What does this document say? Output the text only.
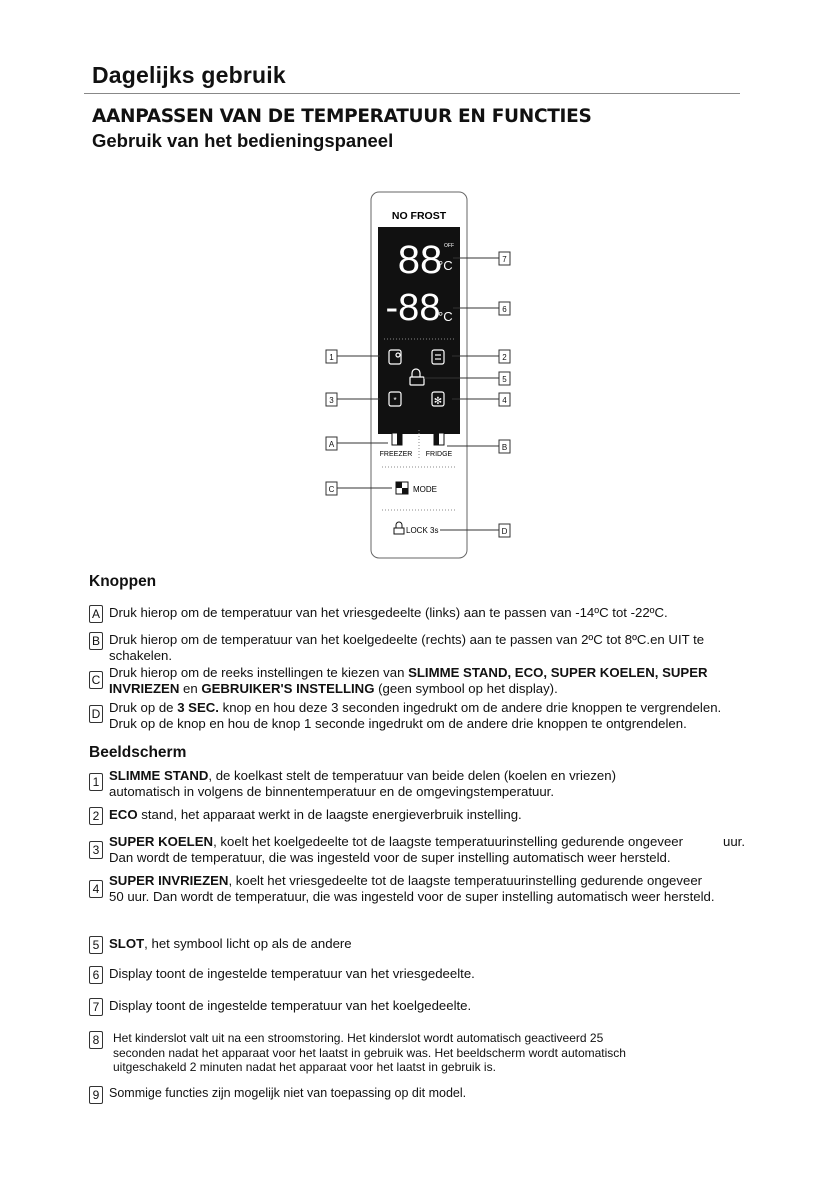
Dagelijks gebruik
AANPASSEN VAN DE TEMPERATUUR EN FUNCTIES
Gebruik van het bedieningspaneel
NO FROST
88 OFF
°C
-88
°C
*	✻
FREEZER FRIDGE
MODE
LOCK 3s
7
6
1	2
5
3	4
A	B
C
D
Knoppen
A Druk hierop om de temperatuur van het vriesgedeelte (links) aan te passen van -14ºC tot -22ºC.
B Druk hierop om de temperatuur van het koelgedeelte (rechts) aan te passen van 2ºC tot 8ºC.en UIT te
schakelen.
C Druk hierop om de reeks instellingen te kiezen van SLIMME STAND, ECO, SUPER KOELEN, SUPER INVRIEZEN en GEBRUIKER'S INSTELLING (geen symbool op het display).
D Druk op de 3 SEC. knop en hou deze 3 seconden ingedrukt om de andere drie knoppen te vergrendelen.
Druk op de knop en hou de knop 1 seconde ingedrukt om de andere drie knoppen te ontgrendelen.
Beeldscherm
1 SLIMME STAND, de koelkast stelt de temperatuur van beide delen (koelen en vriezen)
automatisch in volgens de binnentemperatuur en de omgevingstemperatuur.
2 ECO stand, het apparaat werkt in de laagste energieverbruik instelling.
3
SUPER KOELEN, koelt het koelgedeelte tot de laagste temperatuurinstelling gedurende ongeveer	uur.
Dan wordt de temperatuur, die was ingesteld voor de super instelling automatisch weer hersteld.
4
SUPER INVRIEZEN, koelt het vriesgedeelte tot de laagste temperatuurinstelling gedurende ongeveer
50 uur. Dan wordt de temperatuur, die was ingesteld voor de super instelling automatisch weer hersteld.
5 SLOT, het symbool licht op als de andere
6 Display toont de ingestelde temperatuur van het vriesgedeelte.
7 Display toont de ingestelde temperatuur van het koelgedeelte.
8	Het kinderslot valt uit na een stroomstoring. Het kinderslot wordt automatisch geactiveerd 25
seconden nadat het apparaat voor het laatst in gebruik was. Het beeldscherm wordt automatisch
uitgeschakeld 2 minuten nadat het apparaat voor het laatst in gebruik is.
9 Sommige functies zijn mogelijk niet van toepassing op dit model.
